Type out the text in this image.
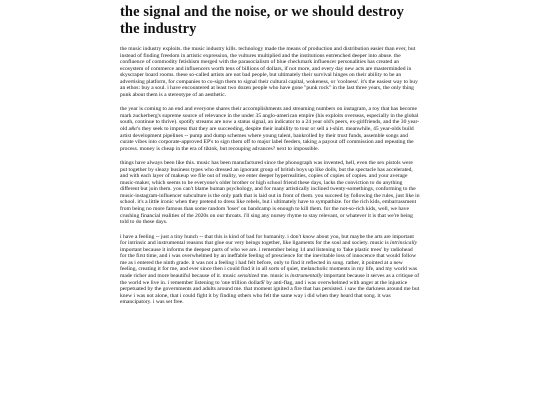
the signal and the noise, or we should destroy the industry

the music industry exploits. the music industry kills. technology made the means of production and distribution easier than ever, but instead of finding freedom in artistic expression, the vultures multiplied and the institutions entrenched deeper into abuse. the confluence of commodity fetishism merged with the parasocialism of blue checkmark influencer personalities has created an ecosystem of commerce and influencers worth tens of billions of dollars, if not more, and every day new acts are masterminded in skyscraper board rooms. these so-called artists are not bad people, but ultimately their survival hinges on their ability to be an advertising platform, for companies to co-sign them to signal their cultural capital, wokeness, or 'coolness'. it's the easiest way to buy an ethos: buy a soul. i have encountered at least two dozen people who have gone "punk rock" in the last three years, the only thing punk about them is a stereotype of an aesthetic.

the year is coming to an end and everyone shares their accomplishments and streaming numbers on instagram, a toy that has become mark zuckerberg's supreme source of relevance in the under 35 anglo-american empire (his exploits overseas, especially in the global south, continue to thrive). spotify streams are now a status signal, an indicator to a 24 year old's peers, ex-girlfriends, and the 30 year-old a&r's they seek to impress that they are succeeding, despite their inability to tour or sell a t-shirt. meanwhile, 45 year-olds build artist development pipelines -- pump and dump schemes where young talent, bankrolled by their trust funds, assemble songs and curate vibes into corporate-approved EP's to sign them off to major label feeders, taking a payout off commission and repeating the process. money is cheap in the era of tiktok, but recouping advances? next to impossible.

things have always been like this. music has been manufactured since the phonograph was invented, hell, even the sex pistols were put together by sleazy business types who dressed an ignorant group of british boys up like dolls, but the spectacle has accelerated, and with each layer of makeup we file out of reality, we enter deeper hyperrealities, copies of copies of copies. and your average music-maker, which seems to be everyone's older brother or high school friend these days, lacks the conviction to do anything different but join them. you can't blame human psychology, and for many artistically inclined twenty-somethings, conforming to the music-instagram-influencer subculture is the only path that is laid out in front of them. you succeed by following the rules, just like in school. it's a little ironic when they pretend to dress like rebels, but i ultimately have to sympathize. for the rich kids, embarrassment from being no more famous than some random 'loser' on bandcamp is enough to kill them. for the not-so-rich kids, well, we have crushing financial realities of the 2020s on our throats. i'll sing any nursey rhyme to stay relevant, or whatever it is that we're being told to do these days.

i have a feeling -- just a tiny hunch -- that this is kind of bad for humanity. i don't know about you, but maybe the arts are important for intrinsic and instrumental reasons that glue our very beings together, like ligaments for the soul and society. music is intrinsically important because it informs the deepest parts of who we are. i remember being 14 and listening to 'fake plastic trees' by radiohead for the first time, and i was overwhelmed by an ineffable feeling of prescience for the inevitable loss of innocence that would follow me as i entered the ninth grade. it was not a feeling i had felt before, only to find it reflected in song. rather, it pointed at a new feeling, creating it for me, and ever since then i could find it in all sorts of quiet, melancholic moments in my life, and my world was made richer and more beautiful because of it. music sensitized me. music is instrumentally important because it serves as a critique of the world we live in. i remember listening to 'one trillion dollar$' by anti-flag, and i was overwhelmed with anger at the injustice perpetuated by the governments and adults around me. that moment ignited a fire that has persisted. i saw the darkness around me but knew i was not alone, that i could fight it by finding others who felt the same way i did when they heard that song. it was emancipatory. i was set free.
